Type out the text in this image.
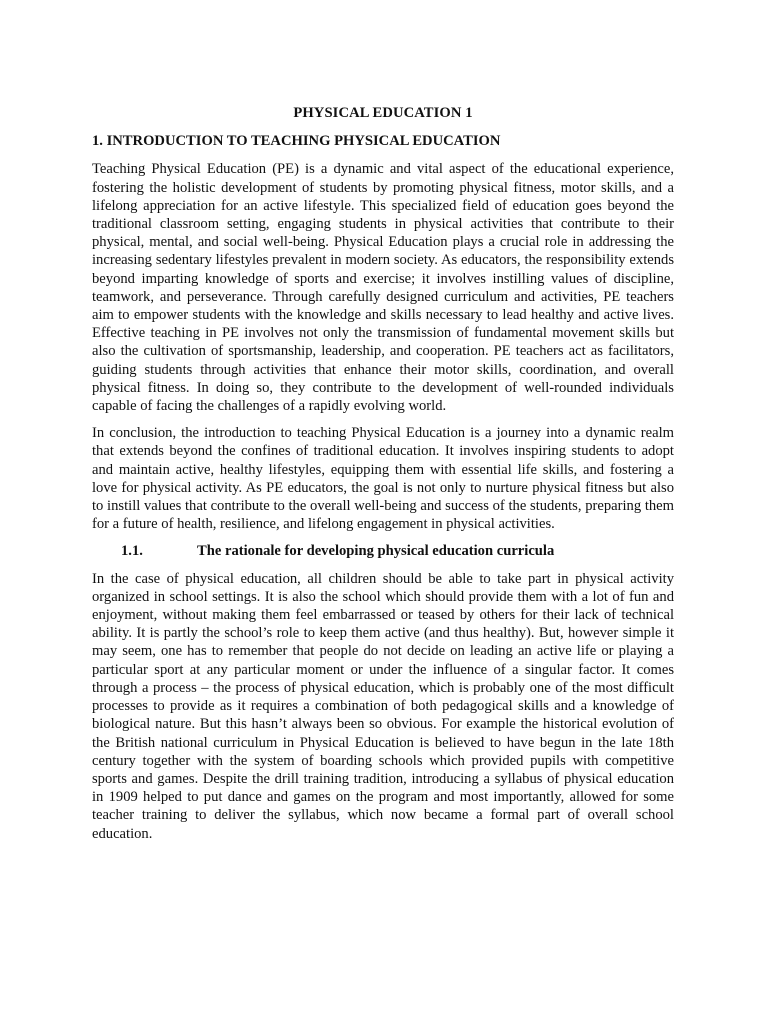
PHYSICAL EDUCATION 1
1. INTRODUCTION TO TEACHING PHYSICAL EDUCATION

Teaching Physical Education (PE) is a dynamic and vital aspect of the educational experience, fostering the holistic development of students by promoting physical fitness, motor skills, and a lifelong appreciation for an active lifestyle. This specialized field of education goes beyond the traditional classroom setting, engaging students in physical activities that contribute to their physical, mental, and social well-being. Physical Education plays a crucial role in addressing the increasing sedentary lifestyles prevalent in modern society. As educators, the responsibility extends beyond imparting knowledge of sports and exercise; it involves instilling values of discipline, teamwork, and perseverance. Through carefully designed curriculum and activities, PE teachers aim to empower students with the knowledge and skills necessary to lead healthy and active lives. Effective teaching in PE involves not only the transmission of fundamental movement skills but also the cultivation of sportsmanship, leadership, and cooperation. PE teachers act as facilitators, guiding students through activities that enhance their motor skills, coordination, and overall physical fitness. In doing so, they contribute to the development of well-rounded individuals capable of facing the challenges of a rapidly evolving world.

In conclusion, the introduction to teaching Physical Education is a journey into a dynamic realm that extends beyond the confines of traditional education. It involves inspiring students to adopt and maintain active, healthy lifestyles, equipping them with essential life skills, and fostering a love for physical activity. As PE educators, the goal is not only to nurture physical fitness but also to instill values that contribute to the overall well-being and success of the students, preparing them for a future of health, resilience, and lifelong engagement in physical activities.

1.1.	The rationale for developing physical education curricula

In the case of physical education, all children should be able to take part in physical activity organized in school settings. It is also the school which should provide them with a lot of fun and enjoyment, without making them feel embarrassed or teased by others for their lack of technical ability. It is partly the school’s role to keep them active (and thus healthy). But, however simple it may seem, one has to remember that people do not decide on leading an active life or playing a particular sport at any particular moment or under the influence of a singular factor. It comes through a process – the process of physical education, which is probably one of the most difficult processes to provide as it requires a combination of both pedagogical skills and a knowledge of biological nature. But this hasn’t always been so obvious. For example the historical evolution of the British national curriculum in Physical Education is believed to have begun in the late 18th century together with the system of boarding schools which provided pupils with competitive sports and games. Despite the drill training tradition, introducing a syllabus of physical education in 1909 helped to put dance and games on the program and most importantly, allowed for some teacher training to deliver the syllabus, which now became a formal part of overall school education.
